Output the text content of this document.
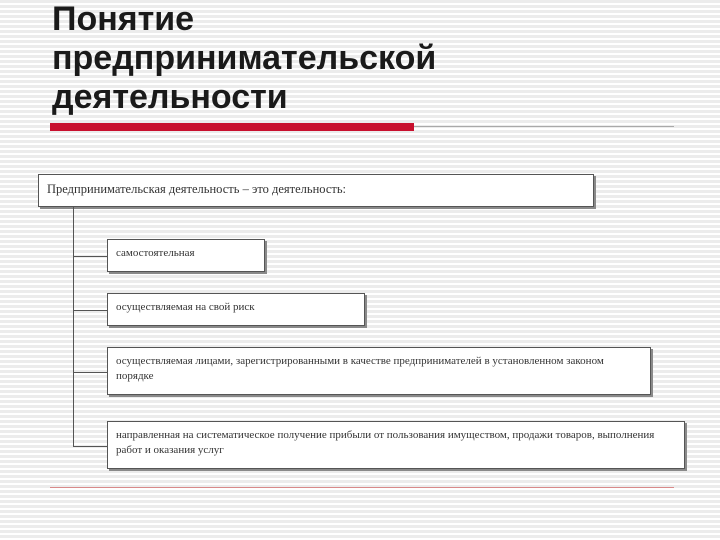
Понятие
предпринимательской
деятельности
Предпринимательская деятельность – это деятельность:
самостоятельная
осуществляемая на свой риск
осуществляемая лицами, зарегистрированными в качестве предпринимателей в установленном законом порядке
направленная на систематическое получение прибыли от пользования имуществом, продажи товаров, выполнения работ и оказания услуг
